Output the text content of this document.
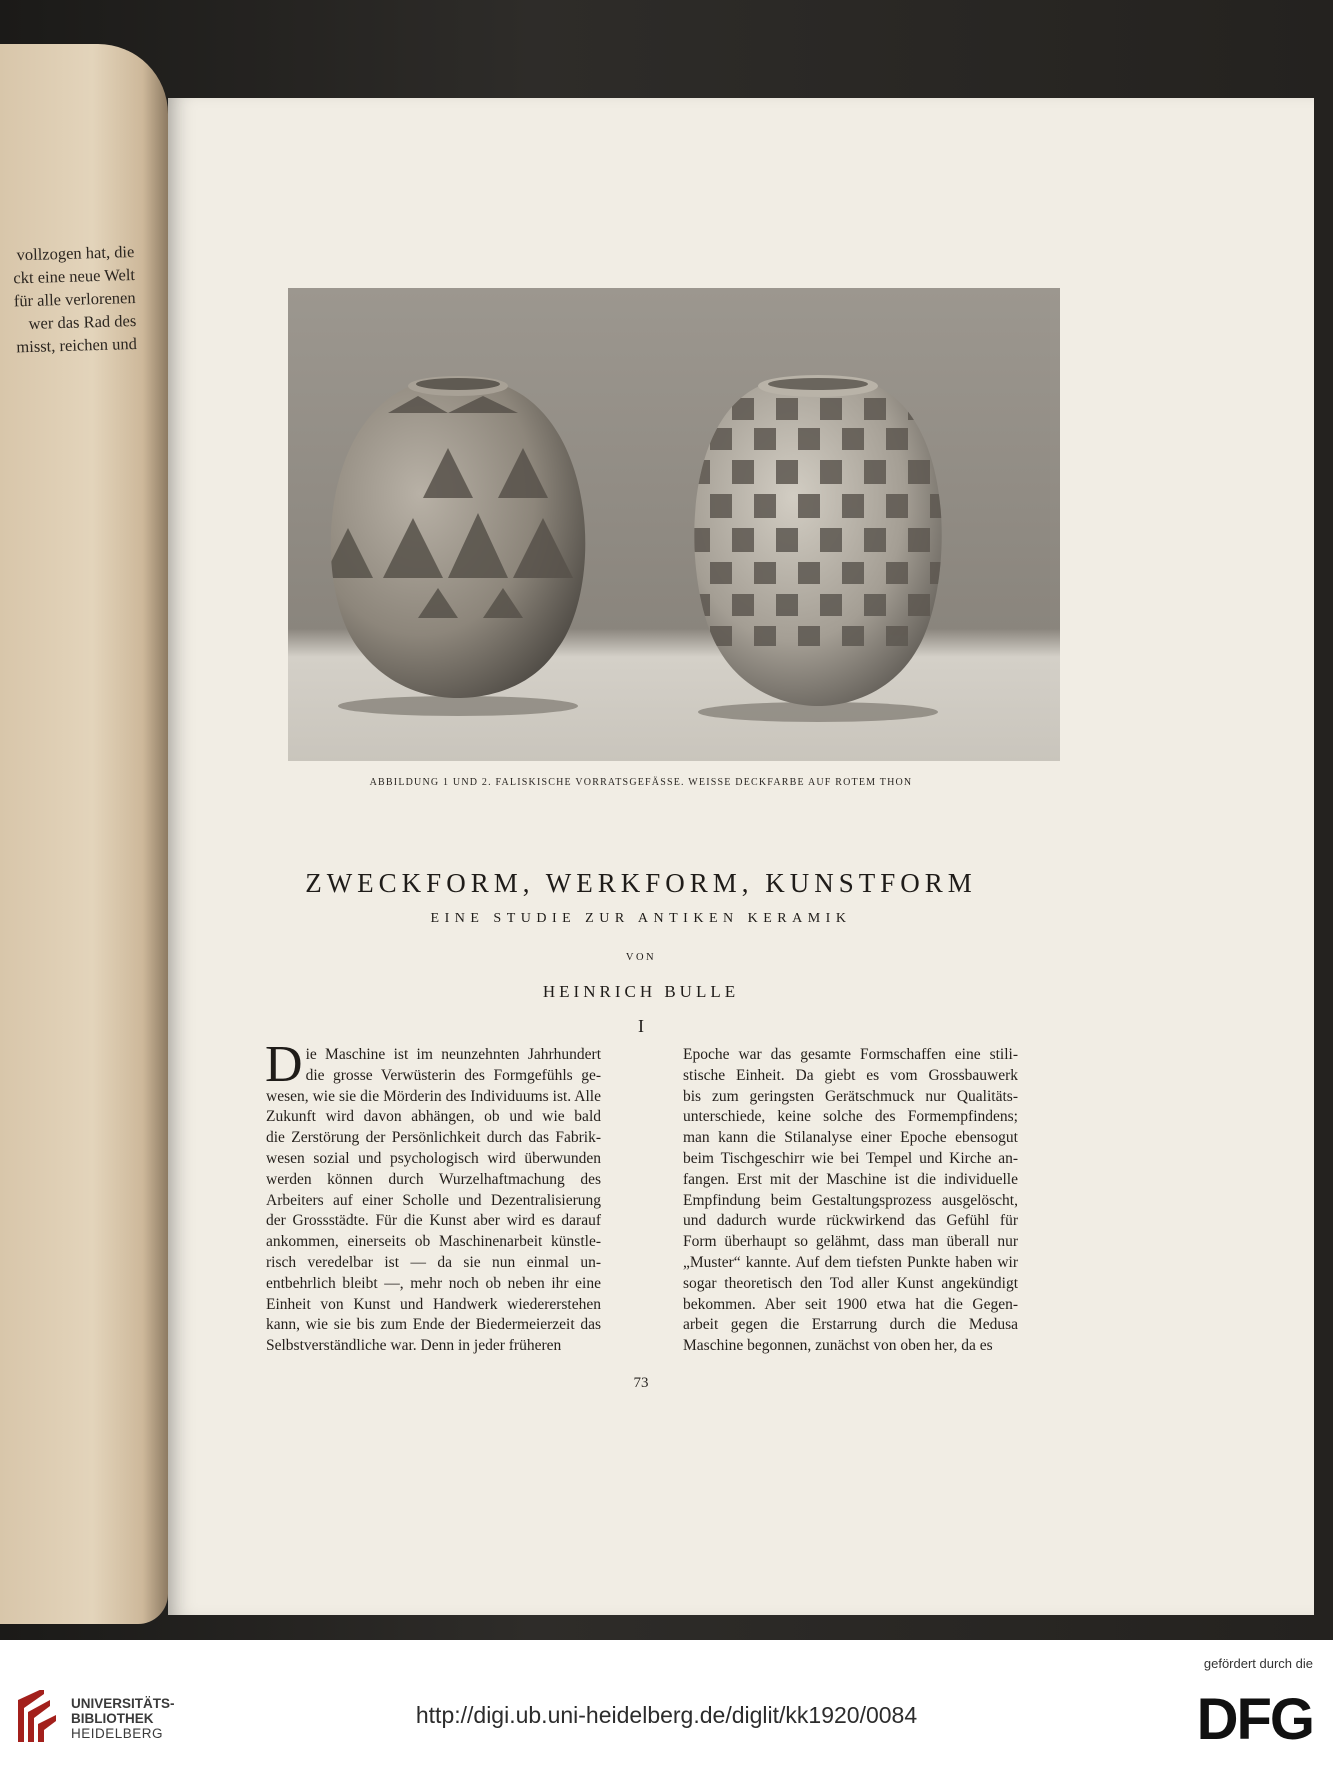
vollzogen hat, die
ckt eine neue Welt
für alle verlorenen
wer das Rad des
misst, reichen und
ABBILDUNG 1 UND 2. FALISKISCHE VORRATSGEFÄSSE. WEISSE DECKFARBE AUF ROTEM THON
ZWECKFORM, WERKFORM, KUNSTFORM
EINE STUDIE ZUR ANTIKEN KERAMIK
VON
HEINRICH BULLE
I
D ie Maschine ist im neunzehnten Jahrhundert
die grosse Verwüsterin des Formgefühls ge-
wesen, wie sie die Mörderin des Individuums ist. Alle
Zukunft wird davon abhängen, ob und wie bald
die Zerstörung der Persönlichkeit durch das Fabrik-
wesen sozial und psychologisch wird überwunden
werden können durch Wurzelhaftmachung des
Arbeiters auf einer Scholle und Dezentralisierung
der Grossstädte. Für die Kunst aber wird es darauf
ankommen, einerseits ob Maschinenarbeit künstle-
risch veredelbar ist — da sie nun einmal un-
entbehrlich bleibt —, mehr noch ob neben ihr eine
Einheit von Kunst und Handwerk wiedererstehen
kann, wie sie bis zum Ende der Biedermeierzeit das
Selbstverständliche war. Denn in jeder früheren
Epoche war das gesamte Formschaffen eine stili-
stische Einheit. Da giebt es vom Grossbauwerk
bis zum geringsten Gerätschmuck nur Qualitäts-
unterschiede, keine solche des Formempfindens;
man kann die Stilanalyse einer Epoche ebensogut
beim Tischgeschirr wie bei Tempel und Kirche an-
fangen. Erst mit der Maschine ist die individuelle
Empfindung beim Gestaltungsprozess ausgelöscht,
und dadurch wurde rückwirkend das Gefühl für
Form überhaupt so gelähmt, dass man überall nur
„Muster“ kannte. Auf dem tiefsten Punkte haben wir
sogar theoretisch den Tod aller Kunst angekündigt
bekommen. Aber seit 1900 etwa hat die Gegen-
arbeit gegen die Erstarrung durch die Medusa
Maschine begonnen, zunächst von oben her, da es
73
UNIVERSITÄTS-
BIBLIOTHEK
HEIDELBERG
http://digi.ub.uni-heidelberg.de/diglit/kk1920/0084
gefördert durch die
DFG
